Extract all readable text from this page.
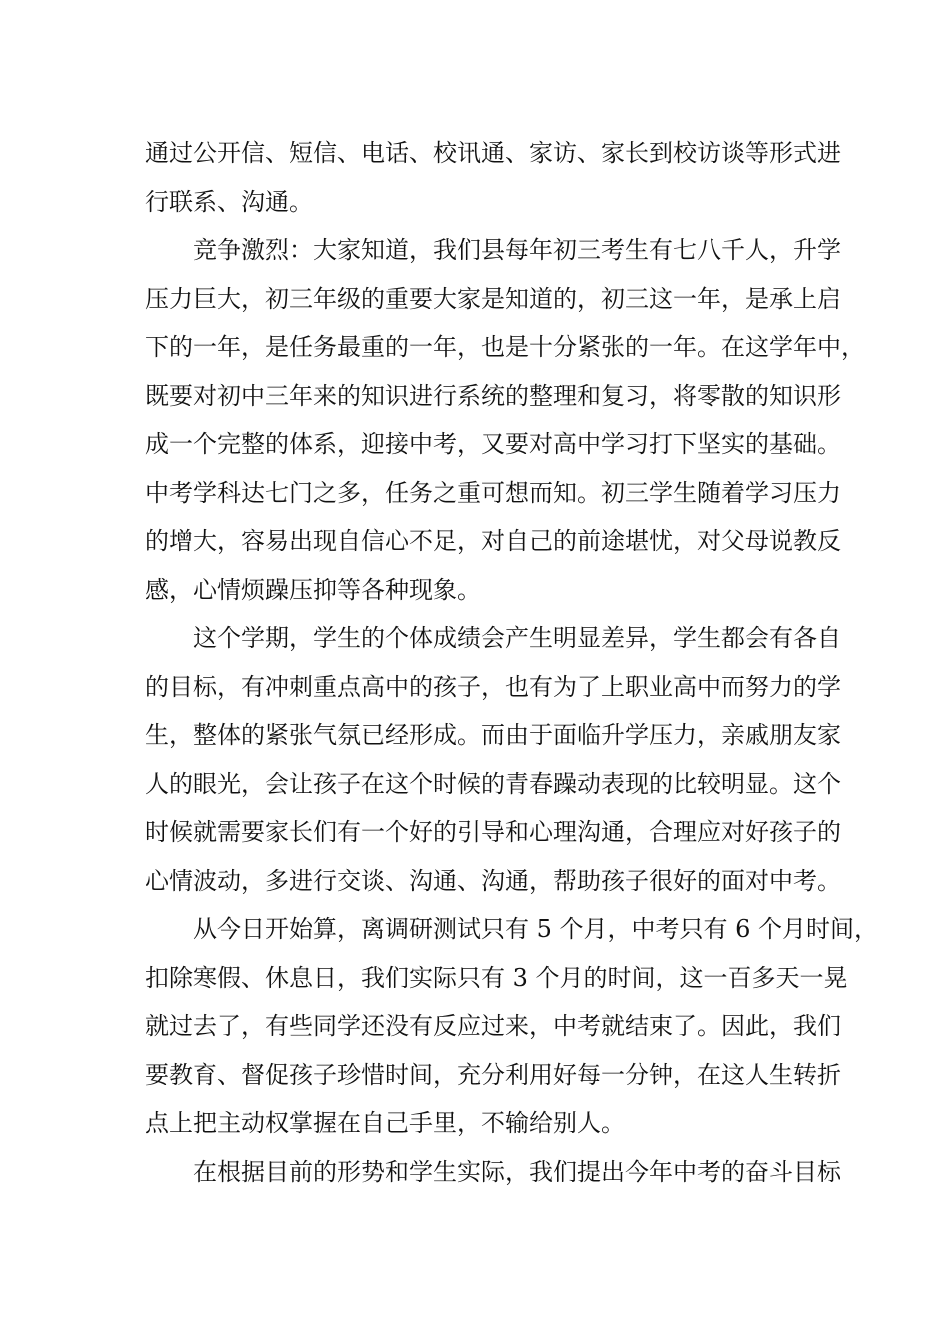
通过公开信、短信、电话、校讯通、家访、家长到校访谈等形式进
行联系、沟通。
竞争激烈：大家知道，我们县每年初三考生有七八千人，升学
压力巨大，初三年级的重要大家是知道的，初三这一年，是承上启
下的一年，是任务最重的一年，也是十分紧张的一年。在这学年中，
既要对初中三年来的知识进行系统的整理和复习，将零散的知识形
成一个完整的体系，迎接中考，又要对高中学习打下坚实的基础。
中考学科达七门之多，任务之重可想而知。初三学生随着学习压力
的增大，容易出现自信心不足，对自己的前途堪忧，对父母说教反
感，心情烦躁压抑等各种现象。
这个学期，学生的个体成绩会产生明显差异，学生都会有各自
的目标，有冲刺重点高中的孩子，也有为了上职业高中而努力的学
生，整体的紧张气氛已经形成。而由于面临升学压力，亲戚朋友家
人的眼光，会让孩子在这个时候的青春躁动表现的比较明显。这个
时候就需要家长们有一个好的引导和心理沟通，合理应对好孩子的
心情波动，多进行交谈、沟通、沟通，帮助孩子很好的面对中考。
从今日开始算，离调研测试只有 5 个月，中考只有 6 个月时间，
扣除寒假、休息日，我们实际只有 3 个月的时间，这一百多天一晃
就过去了，有些同学还没有反应过来，中考就结束了。因此，我们
要教育、督促孩子珍惜时间，充分利用好每一分钟，在这人生转折
点上把主动权掌握在自己手里，不输给别人。
在根据目前的形势和学生实际，我们提出今年中考的奋斗目标
